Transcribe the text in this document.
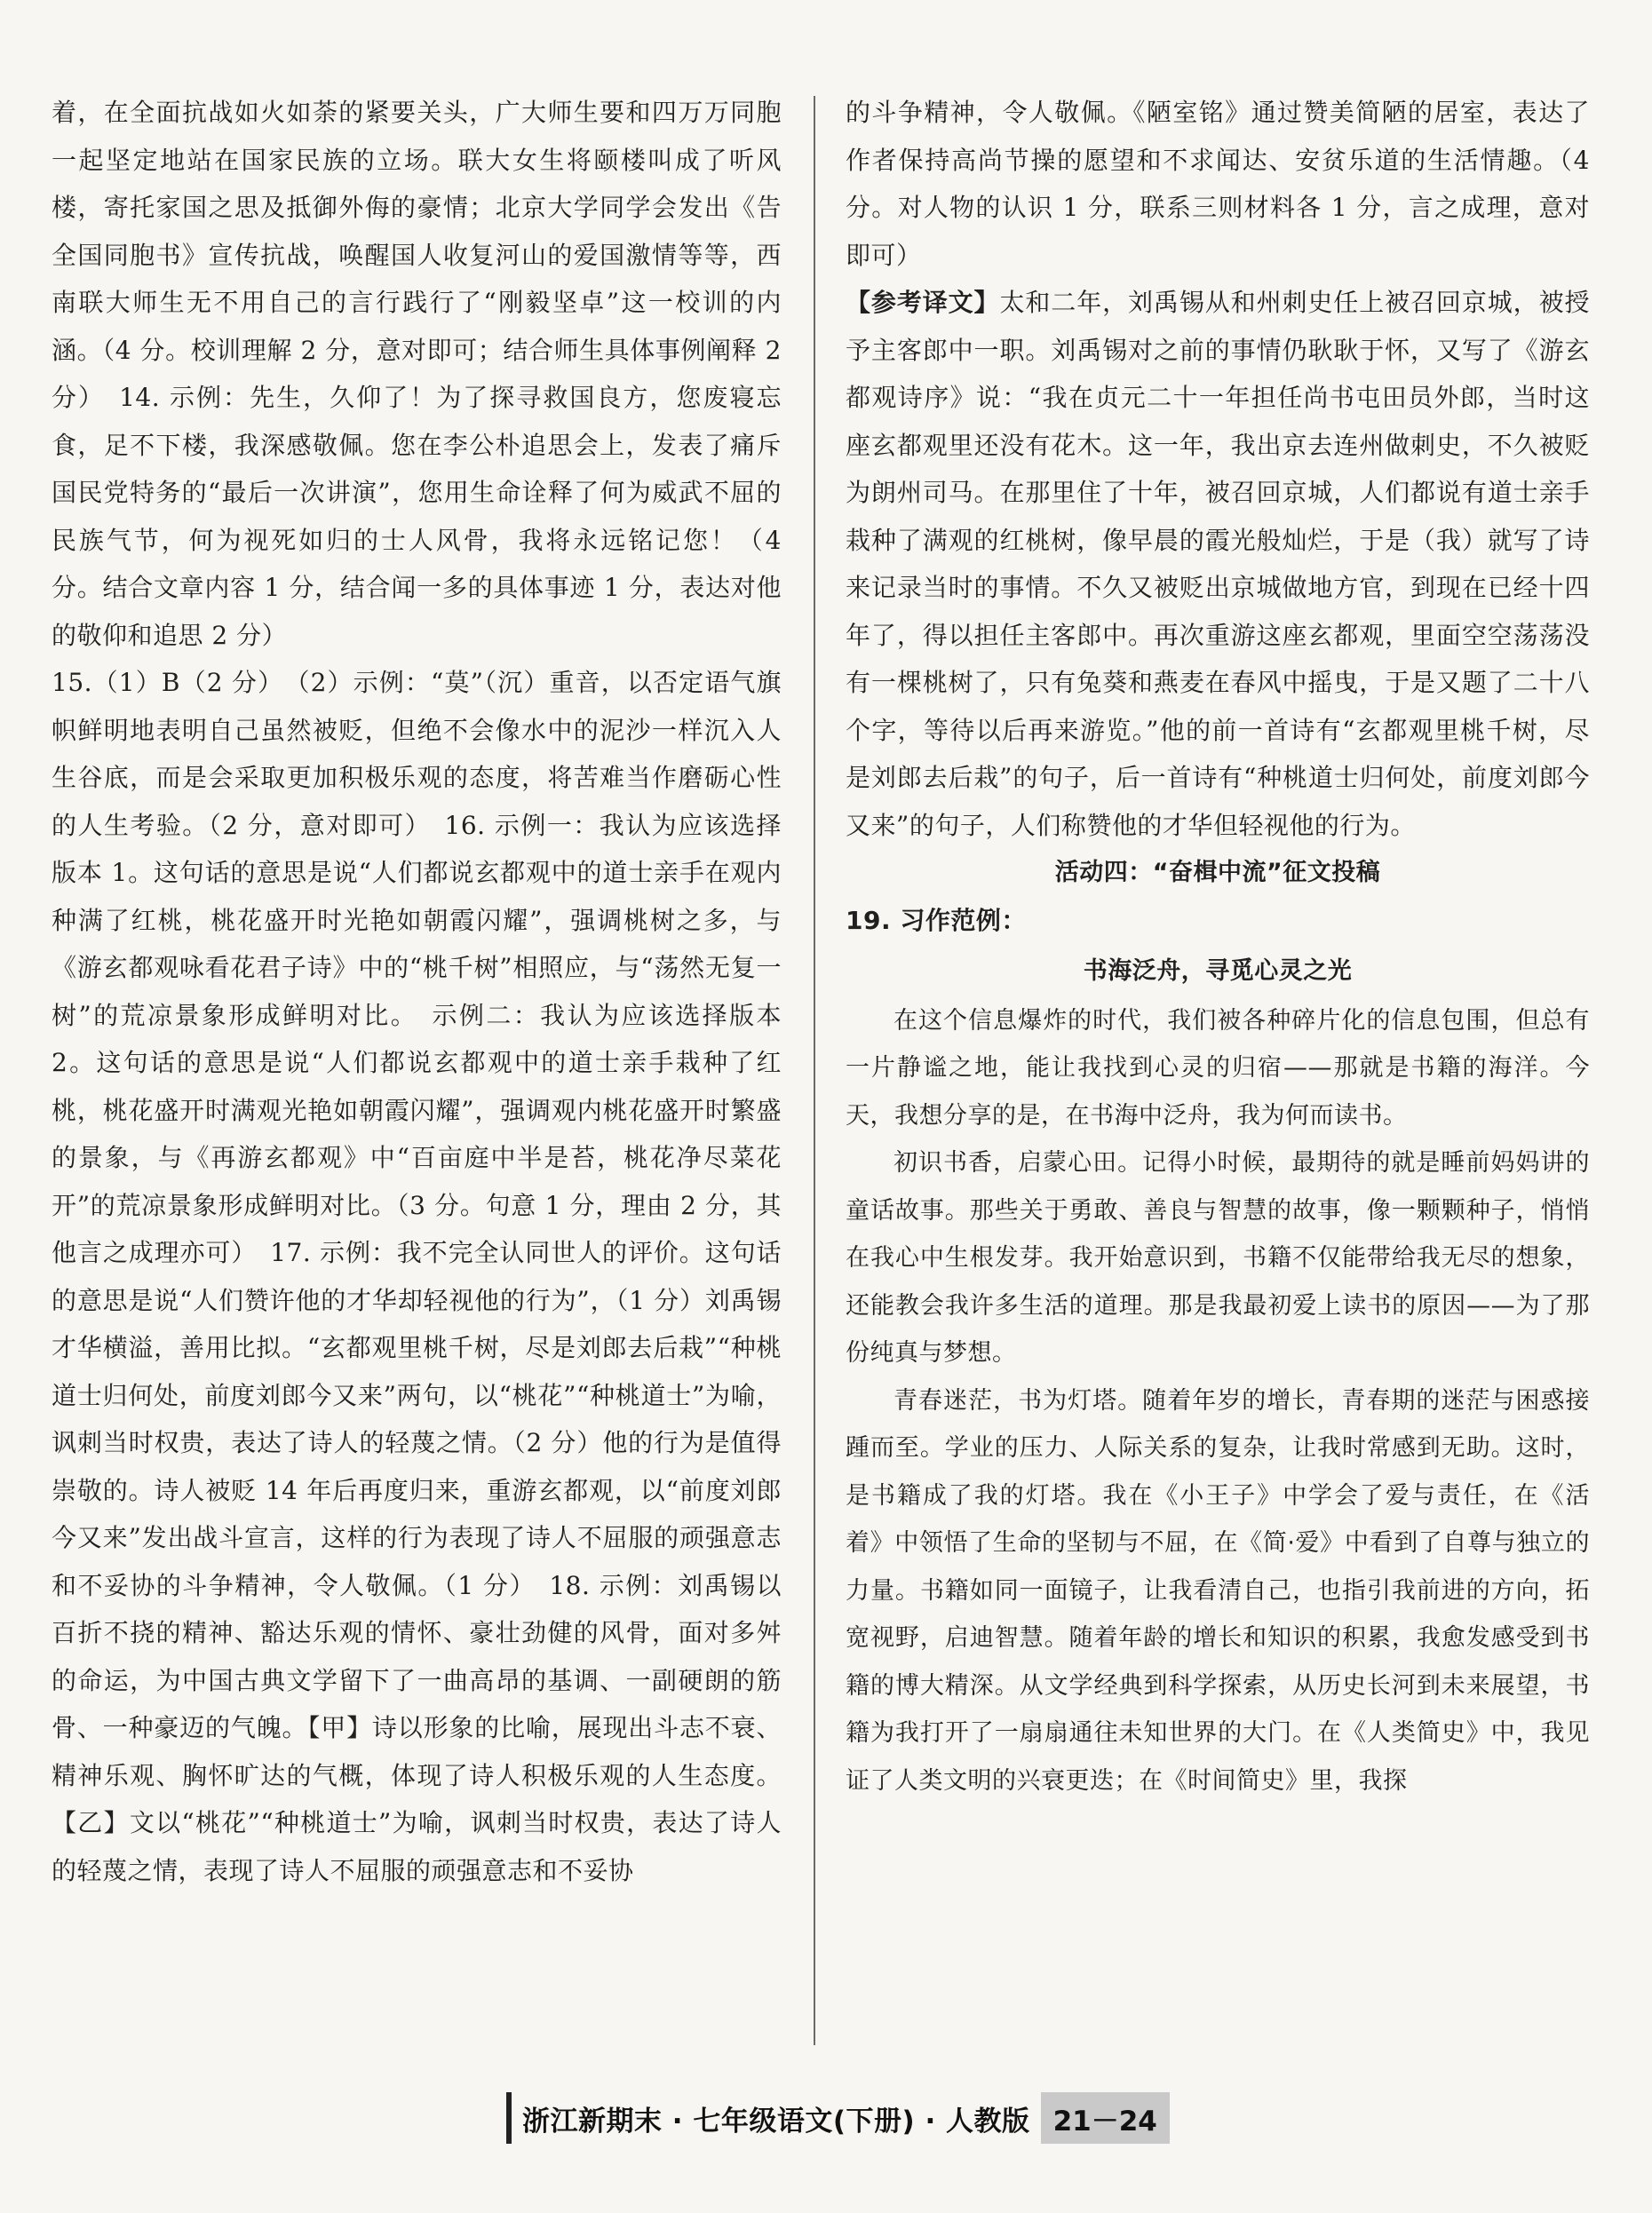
着，在全面抗战如火如荼的紧要关头，广大师生要和四万万同胞一起坚定地站在国家民族的立场。联大女生将颐楼叫成了听风楼，寄托家国之思及抵御外侮的豪情；北京大学同学会发出《告全国同胞书》宣传抗战，唤醒国人收复河山的爱国激情等等，西南联大师生无不用自己的言行践行了“刚毅坚卓”这一校训的内涵。（4 分。校训理解 2 分，意对即可；结合师生具体事例阐释 2 分）　14. 示例：先生，久仰了！为了探寻救国良方，您废寝忘食，足不下楼，我深感敬佩。您在李公朴追思会上，发表了痛斥国民党特务的“最后一次讲演”，您用生命诠释了何为威武不屈的民族气节，何为视死如归的士人风骨，我将永远铭记您！（4 分。结合文章内容 1 分，结合闻一多的具体事迹 1 分，表达对他的敬仰和追思 2 分）

15.（1）B（2 分）　（2）示例：“莫”（沉）重音，以否定语气旗帜鲜明地表明自己虽然被贬，但绝不会像水中的泥沙一样沉入人生谷底，而是会采取更加积极乐观的态度，将苦难当作磨砺心性的人生考验。（2 分，意对即可）　16. 示例一：我认为应该选择版本 1。这句话的意思是说“人们都说玄都观中的道士亲手在观内种满了红桃，桃花盛开时光艳如朝霞闪耀”，强调桃树之多，与《游玄都观咏看花君子诗》中的“桃千树”相照应，与“荡然无复一树”的荒凉景象形成鲜明对比。　示例二：我认为应该选择版本 2。这句话的意思是说“人们都说玄都观中的道士亲手栽种了红桃，桃花盛开时满观光艳如朝霞闪耀”，强调观内桃花盛开时繁盛的景象，与《再游玄都观》中“百亩庭中半是苔，桃花净尽菜花开”的荒凉景象形成鲜明对比。（3 分。句意 1 分，理由 2 分，其他言之成理亦可）　17. 示例：我不完全认同世人的评价。这句话的意思是说“人们赞许他的才华却轻视他的行为”，（1 分）刘禹锡才华横溢，善用比拟。“玄都观里桃千树，尽是刘郎去后栽”“种桃道士归何处，前度刘郎今又来”两句，以“桃花”“种桃道士”为喻，讽刺当时权贵，表达了诗人的轻蔑之情。（2 分）他的行为是值得崇敬的。诗人被贬 14 年后再度归来，重游玄都观，以“前度刘郎今又来”发出战斗宣言，这样的行为表现了诗人不屈服的顽强意志和不妥协的斗争精神，令人敬佩。（1 分）　18. 示例：刘禹锡以百折不挠的精神、豁达乐观的情怀、豪壮劲健的风骨，面对多舛的命运，为中国古典文学留下了一曲高昂的基调、一副硬朗的筋骨、一种豪迈的气魄。【甲】诗以形象的比喻，展现出斗志不衰、精神乐观、胸怀旷达的气概，体现了诗人积极乐观的人生态度。【乙】文以“桃花”“种桃道士”为喻，讽刺当时权贵，表达了诗人的轻蔑之情，表现了诗人不屈服的顽强意志和不妥协

的斗争精神，令人敬佩。《陋室铭》通过赞美简陋的居室，表达了作者保持高尚节操的愿望和不求闻达、安贫乐道的生活情趣。（4 分。对人物的认识 1 分，联系三则材料各 1 分，言之成理，意对即可）

【参考译文】太和二年，刘禹锡从和州刺史任上被召回京城，被授予主客郎中一职。刘禹锡对之前的事情仍耿耿于怀，又写了《游玄都观诗序》说：“我在贞元二十一年担任尚书屯田员外郎，当时这座玄都观里还没有花木。这一年，我出京去连州做刺史，不久被贬为朗州司马。在那里住了十年，被召回京城，人们都说有道士亲手栽种了满观的红桃树，像早晨的霞光般灿烂，于是（我）就写了诗来记录当时的事情。不久又被贬出京城做地方官，到现在已经十四年了，得以担任主客郎中。再次重游这座玄都观，里面空空荡荡没有一棵桃树了，只有兔葵和燕麦在春风中摇曳，于是又题了二十八个字，等待以后再来游览。”他的前一首诗有“玄都观里桃千树，尽是刘郎去后栽”的句子，后一首诗有“种桃道士归何处，前度刘郎今又来”的句子，人们称赞他的才华但轻视他的行为。

活动四：“奋楫中流”征文投稿

19. 习作范例：

书海泛舟，寻觅心灵之光

在这个信息爆炸的时代，我们被各种碎片化的信息包围，但总有一片静谧之地，能让我找到心灵的归宿——那就是书籍的海洋。今天，我想分享的是，在书海中泛舟，我为何而读书。

初识书香，启蒙心田。记得小时候，最期待的就是睡前妈妈讲的童话故事。那些关于勇敢、善良与智慧的故事，像一颗颗种子，悄悄在我心中生根发芽。我开始意识到，书籍不仅能带给我无尽的想象，还能教会我许多生活的道理。那是我最初爱上读书的原因——为了那份纯真与梦想。

青春迷茫，书为灯塔。随着年岁的增长，青春期的迷茫与困惑接踵而至。学业的压力、人际关系的复杂，让我时常感到无助。这时，是书籍成了我的灯塔。我在《小王子》中学会了爱与责任，在《活着》中领悟了生命的坚韧与不屈，在《简·爱》中看到了自尊与独立的力量。书籍如同一面镜子，让我看清自己，也指引我前进的方向，拓宽视野，启迪智慧。随着年龄的增长和知识的积累，我愈发感受到书籍的博大精深。从文学经典到科学探索，从历史长河到未来展望，书籍为我打开了一扇扇通往未知世界的大门。在《人类简史》中，我见证了人类文明的兴衰更迭；在《时间简史》里，我探

浙江新期末 · 七年级语文(下册) · 人教版 21－24
